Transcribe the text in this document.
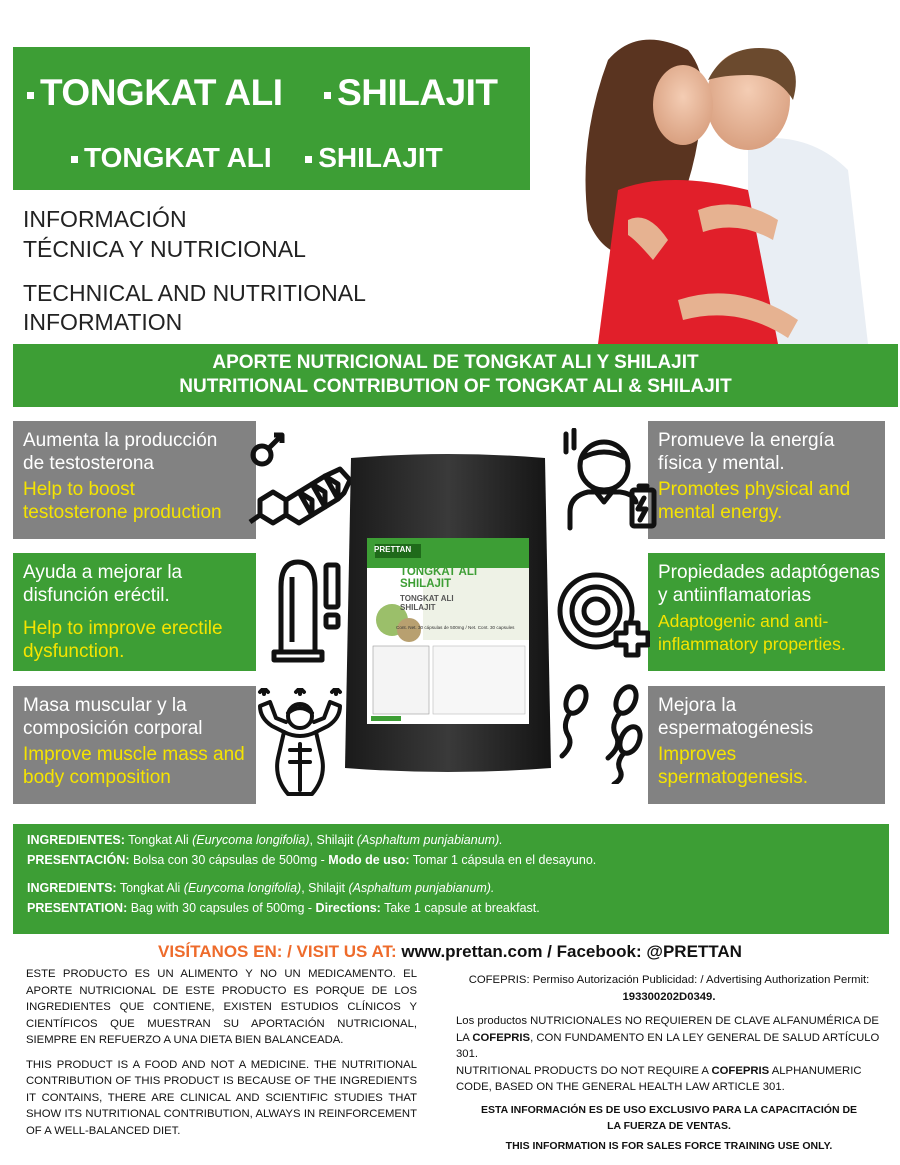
TONGKAT ALI SHILAJIT
TONGKAT ALI SHILAJIT
INFORMACIÓN
TÉCNICA Y NUTRICIONAL
TECHNICAL AND NUTRITIONAL
INFORMATION
APORTE NUTRICIONAL DE TONGKAT ALI Y SHILAJIT
NUTRITIONAL CONTRIBUTION OF TONGKAT ALI & SHILAJIT
Aumenta la producción de testosterona
Help to boost testosterone production
Ayuda a mejorar la disfunción eréctil.
Help to improve erectile dysfunction.
Masa muscular y la composición corporal
Improve muscle mass and body composition
Promueve la energía física y mental.
Promotes physical and mental energy.
Propiedades adaptógenas y antiinflamatorias
Adaptogenic and anti-inflammatory properties.
Mejora la espermatogénesis
Improves spermatogenesis.
PRETTAN
TONGKAT ALI
SHILAJIT
TONGKAT ALI
SHILAJIT
Cont. Net. 30 cápsulas de 500mg / Net. Cont. 30 capsules
INGREDIENTES: Tongkat Ali (Eurycoma longifolia), Shilajit (Asphaltum punjabianum).
PRESENTACIÓN: Bolsa con 30 cápsulas de 500mg - Modo de uso: Tomar 1 cápsula en el desayuno.
INGREDIENTS: Tongkat Ali (Eurycoma longifolia), Shilajit (Asphaltum punjabianum).
PRESENTATION: Bag with 30 capsules of 500mg - Directions: Take 1 capsule at breakfast.
VISÍTANOS EN: / VISIT US AT: www.prettan.com / Facebook: @PRETTAN
ESTE PRODUCTO ES UN ALIMENTO Y NO UN MEDICAMENTO. EL APORTE NUTRICIONAL DE ESTE PRODUCTO ES PORQUE DE LOS INGREDIENTES QUE CONTIENE, EXISTEN ESTUDIOS CLÍNICOS Y CIENTÍFICOS QUE MUESTRAN SU APORTACIÓN NUTRICIONAL, SIEMPRE EN REFUERZO A UNA DIETA BIEN BALANCEADA.
THIS PRODUCT IS A FOOD AND NOT A MEDICINE. THE NUTRITIONAL CONTRIBUTION OF THIS PRODUCT IS BECAUSE OF THE INGREDIENTS IT CONTAINS, THERE ARE CLINICAL AND SCIENTIFIC STUDIES THAT SHOW ITS NUTRITIONAL CONTRIBUTION, ALWAYS IN REINFORCEMENT OF A WELL-BALANCED DIET.
COFEPRIS: Permiso Autorización Publicidad: / Advertising Authorization Permit:
193300202D0349.
Los productos NUTRICIONALES NO REQUIEREN DE CLAVE ALFANUMÉRICA DE LA COFEPRIS, CON FUNDAMENTO EN LA LEY GENERAL DE SALUD ARTÍCULO 301.
NUTRITIONAL PRODUCTS DO NOT REQUIRE A COFEPRIS ALPHANUMERIC CODE, BASED ON THE GENERAL HEALTH LAW ARTICLE 301.
ESTA INFORMACIÓN ES DE USO EXCLUSIVO PARA LA CAPACITACIÓN DE LA FUERZA DE VENTAS.
THIS INFORMATION IS FOR SALES FORCE TRAINING USE ONLY.
